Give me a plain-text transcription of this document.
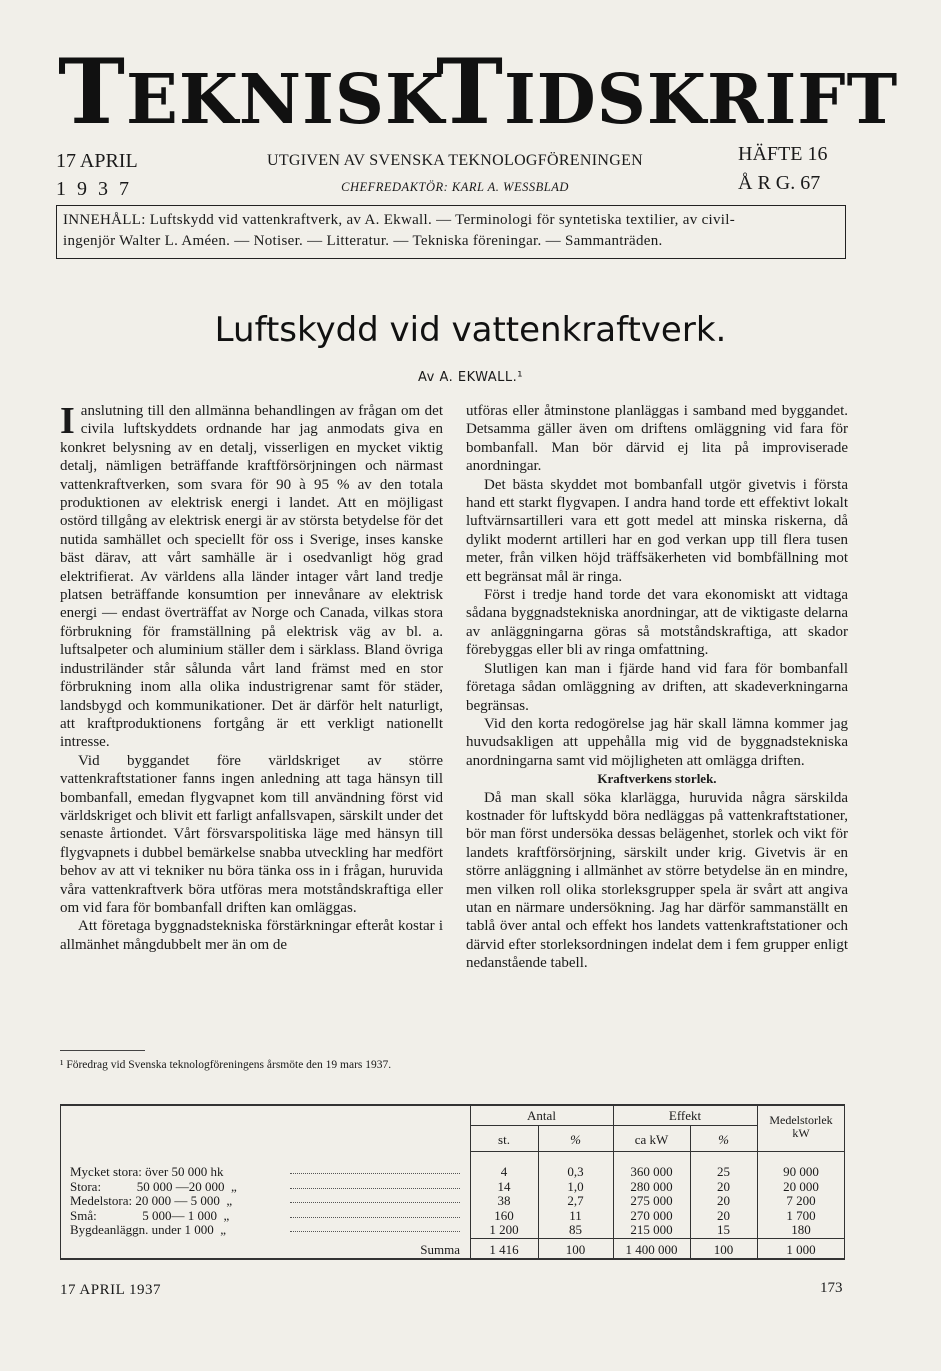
T EKNISK
T IDSKRIFT
17 APRIL
1 9 3 7
UTGIVEN AV SVENSKA TEKNOLOGFÖRENINGEN
CHEFREDAKTÖR: KARL A. WESSBLAD
HÄFTE 16
Å R G. 67
INNEHÅLL: Luftskydd vid vattenkraftverk, av A. Ekwall. — Terminologi för syntetiska textilier, av civil-
ingenjör Walter L. Améen. — Notiser. — Litteratur. — Tekniska föreningar. — Sammanträden.
Luftskydd vid vattenkraftverk.
Av A. EKWALL.¹

Ianslutning till den allmänna behandlingen av frågan om det civila luftskyddets ordnande har jag anmodats giva en konkret belysning av en detalj, visserligen en mycket viktig detalj, nämligen beträffande kraftförsörjningen och närmast vattenkraftverken, som svara för 90 à 95 % av den totala produktionen av elektrisk energi i landet. Att en möjligast ostörd tillgång av elektrisk energi är av största betydelse för det nutida samhället och speciellt för oss i Sverige, inses kanske bäst därav, att vårt samhälle är i osedvanligt hög grad elektrifierat. Av världens alla länder intager vårt land tredje platsen beträffande konsumtion per innevånare av elektrisk energi — endast överträffat av Norge och Canada, vilkas stora förbrukning för framställning på elektrisk väg av bl. a. luftsalpeter och aluminium ställer dem i särklass. Bland övriga industriländer står sålunda vårt land främst med en stor förbrukning inom alla olika industrigrenar samt för städer, landsbygd och kommunikationer. Det är därför helt naturligt, att kraftproduktionens fortgång är ett verkligt nationellt intresse.

Vid byggandet före världskriget av större vattenkraftstationer fanns ingen anledning att taga hänsyn till bombanfall, emedan flygvapnet kom till användning först vid världskriget och blivit ett farligt anfallsvapen, särskilt under det senaste årtiondet. Vårt försvarspolitiska läge med hänsyn till flygvapnets i dubbel bemärkelse snabba utveckling har medfört behov av att vi tekniker nu böra tänka oss in i frågan, huruvida våra vattenkraftverk böra utföras mera motståndskraftiga eller om vid fara för bombanfall driften kan omläggas.

Att företaga byggnadstekniska förstärkningar efteråt kostar i allmänhet mångdubbelt mer än om de

utföras eller åtminstone planläggas i samband med byggandet. Detsamma gäller även om driftens omläggning vid fara för bombanfall. Man bör därvid ej lita på improviserade anordningar.

Det bästa skyddet mot bombanfall utgör givetvis i första hand ett starkt flygvapen. I andra hand torde ett effektivt lokalt luftvärnsartilleri vara ett gott medel att minska riskerna, då dylikt modernt artilleri har en god verkan upp till flera tusen meter, från vilken höjd träffsäkerheten vid bombfällning mot ett begränsat mål är ringa.

Först i tredje hand torde det vara ekonomiskt att vidtaga sådana byggnadstekniska anordningar, att de viktigaste delarna av anläggningarna göras så motståndskraftiga, att skador förebyggas eller bli av ringa omfattning.

Slutligen kan man i fjärde hand vid fara för bombanfall företaga sådan omläggning av driften, att skadeverkningarna begränsas.

Vid den korta redogörelse jag här skall lämna kommer jag huvudsakligen att uppehålla mig vid de byggnadstekniska anordningarna samt vid möjligheten att omlägga driften.

Kraftverkens storlek.

Då man skall söka klarlägga, huruvida några särskilda kostnader för luftskydd böra nedläggas på vattenkraftstationer, bör man först undersöka dessas belägenhet, storlek och vikt för landets kraftförsörjning, särskilt under krig. Givetvis är en större anläggning i allmänhet av större betydelse än en mindre, men vilken roll olika storleksgrupper spela är svårt att angiva utan en närmare undersökning. Jag har därför sammanställt en tablå över antal och effekt hos landets vattenkraftstationer och därvid efter storleksordningen indelat dem i fem grupper enligt nedanstående tabell.

¹ Föredrag vid Svenska teknologföreningens årsmöte den 19 mars 1937.
Antal	Effekt	Medelstorlek kW
st.	%	ca kW	%
Mycket stora: över 50 000 hk	4	0,3	360 000	25	90 000
Stora:           50 000 —20 000  „	14	1,0	280 000	20	20 000
Medelstora: 20 000 — 5 000  „	38	2,7	275 000	20	7 200
Små:              5 000— 1 000  „	160	11	270 000	20	1 700
Bygdeanläggn. under 1 000  „	1 200	85	215 000	15	180
Summa	1 416	100	1 400 000	100	1 000
17 APRIL 1937	173
